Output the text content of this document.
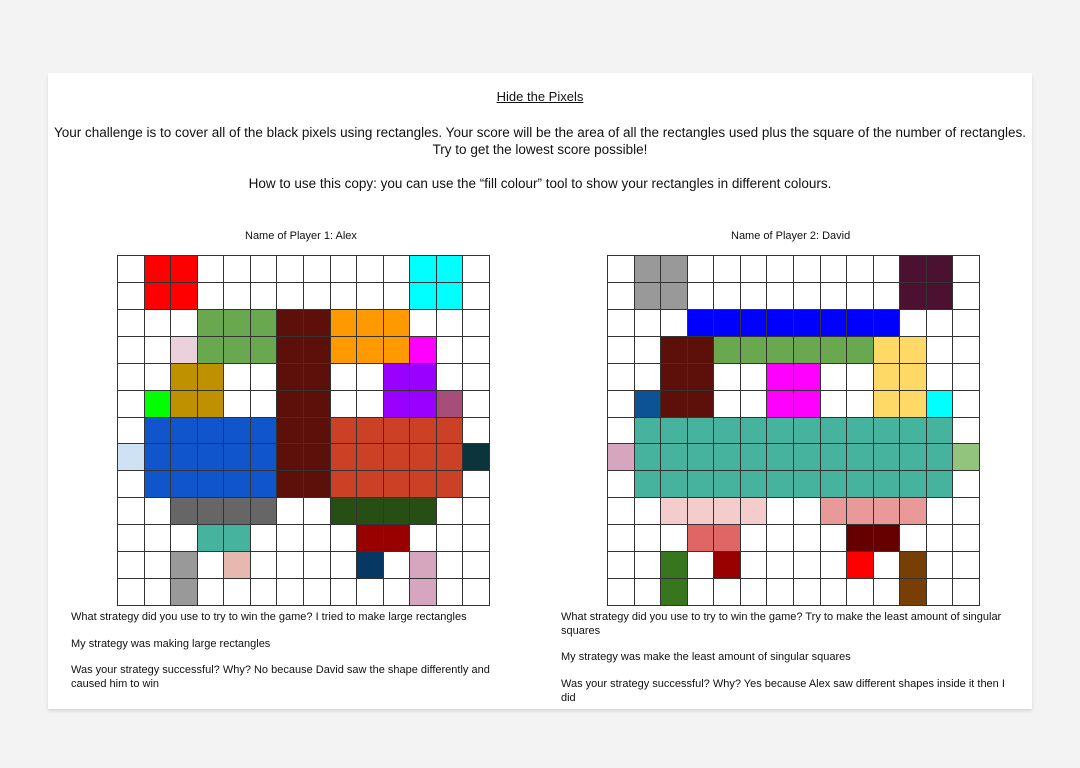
Hide the Pixels
Your challenge is to cover all of the black pixels using rectangles. Your score will be the area of all the rectangles used plus the square of the number of rectangles. Try to get the lowest score possible!
How to use this copy: you can use the “fill colour” tool to show your rectangles in different colours.
Name of Player 1: Alex
What strategy did you use to try to win the game? I tried to make large rectangles
My strategy was making large rectangles
Was your strategy successful? Why? No because David saw the shape differently and caused him to win
Name of Player 2: David
What strategy did you use to try to win the game? Try to make the least amount of singular squares
My strategy was make the least amount of singular squares
Was your strategy successful? Why? Yes because Alex saw different shapes inside it then I did
